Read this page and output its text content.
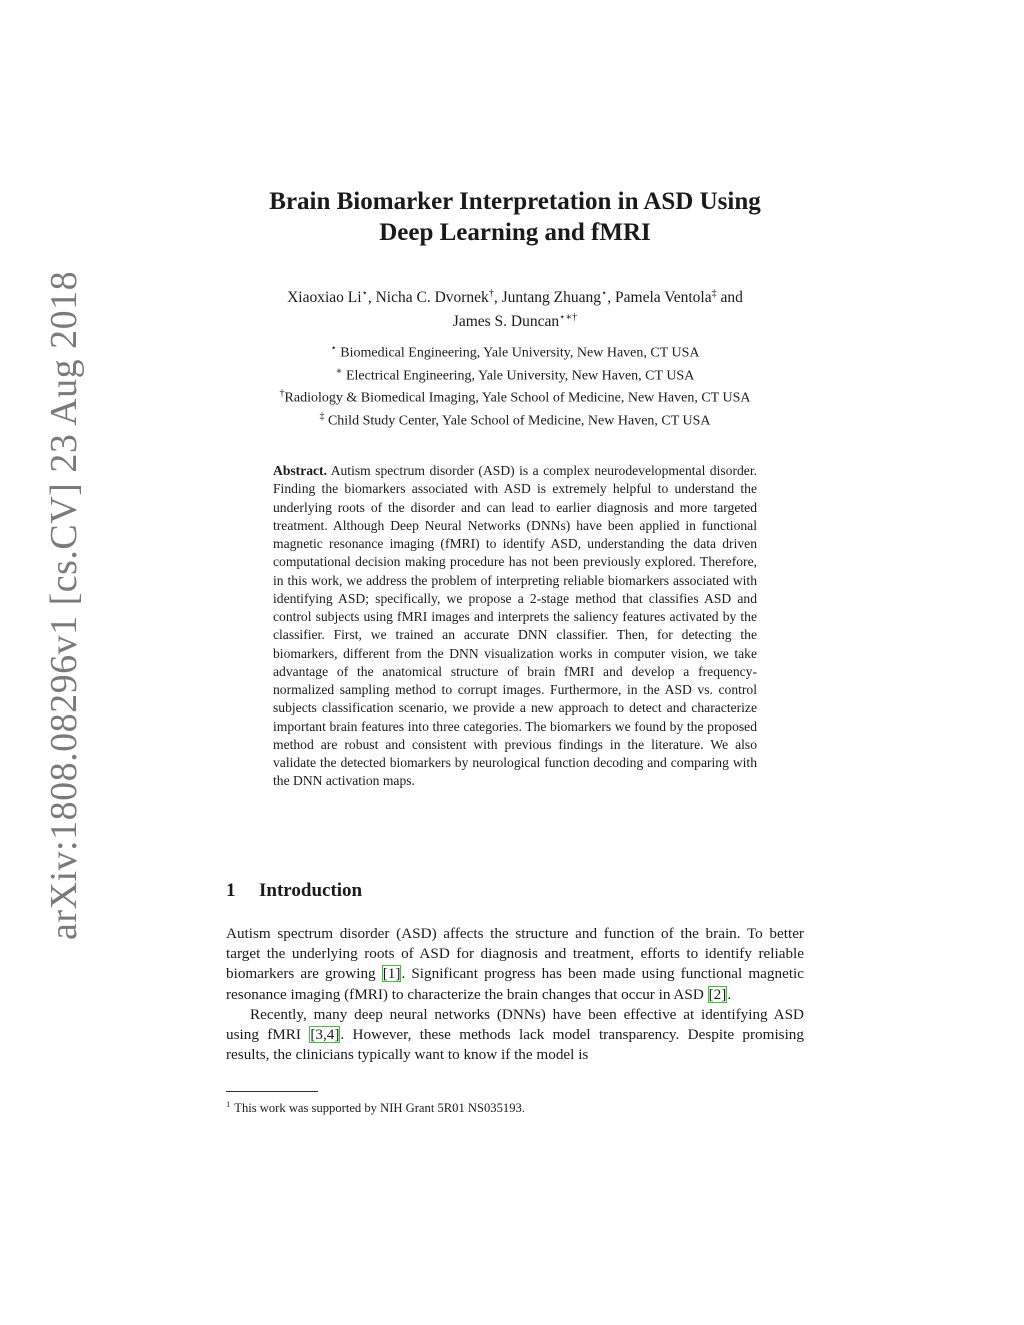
arXiv:1808.08296v1 [cs.CV] 23 Aug 2018
Brain Biomarker Interpretation in ASD Using
Deep Learning and fMRI
Xiaoxiao Li⋆, Nicha C. Dvornek†, Juntang Zhuang⋆, Pamela Ventola‡ and
James S. Duncan⋆∗†
⋆ Biomedical Engineering, Yale University, New Haven, CT USA
∗ Electrical Engineering, Yale University, New Haven, CT USA
†Radiology & Biomedical Imaging, Yale School of Medicine, New Haven, CT USA
‡ Child Study Center, Yale School of Medicine, New Haven, CT USA
Abstract. Autism spectrum disorder (ASD) is a complex neurodevelopmental disorder. Finding the biomarkers associated with ASD is extremely helpful to understand the underlying roots of the disorder and can lead to earlier diagnosis and more targeted treatment. Although Deep Neural Networks (DNNs) have been applied in functional magnetic resonance imaging (fMRI) to identify ASD, understanding the data driven computational decision making procedure has not been previously explored. Therefore, in this work, we address the problem of interpreting reliable biomarkers associated with identifying ASD; specifically, we propose a 2-stage method that classifies ASD and control subjects using fMRI images and interprets the saliency features activated by the classifier. First, we trained an accurate DNN classifier. Then, for detecting the biomarkers, different from the DNN visualization works in computer vision, we take advantage of the anatomical structure of brain fMRI and develop a frequency-normalized sampling method to corrupt images. Furthermore, in the ASD vs. control subjects classification scenario, we provide a new approach to detect and characterize important brain features into three categories. The biomarkers we found by the proposed method are robust and consistent with previous findings in the literature. We also validate the detected biomarkers by neurological function decoding and comparing with the DNN activation maps.
1 Introduction

Autism spectrum disorder (ASD) affects the structure and function of the brain. To better target the underlying roots of ASD for diagnosis and treatment, efforts to identify reliable biomarkers are growing [1]. Significant progress has been made using functional magnetic resonance imaging (fMRI) to characterize the brain changes that occur in ASD [2].

Recently, many deep neural networks (DNNs) have been effective at identifying ASD using fMRI [3,4]. However, these methods lack model transparency. Despite promising results, the clinicians typically want to know if the model is

$^1$ This work was supported by NIH Grant 5R01 NS035193.
